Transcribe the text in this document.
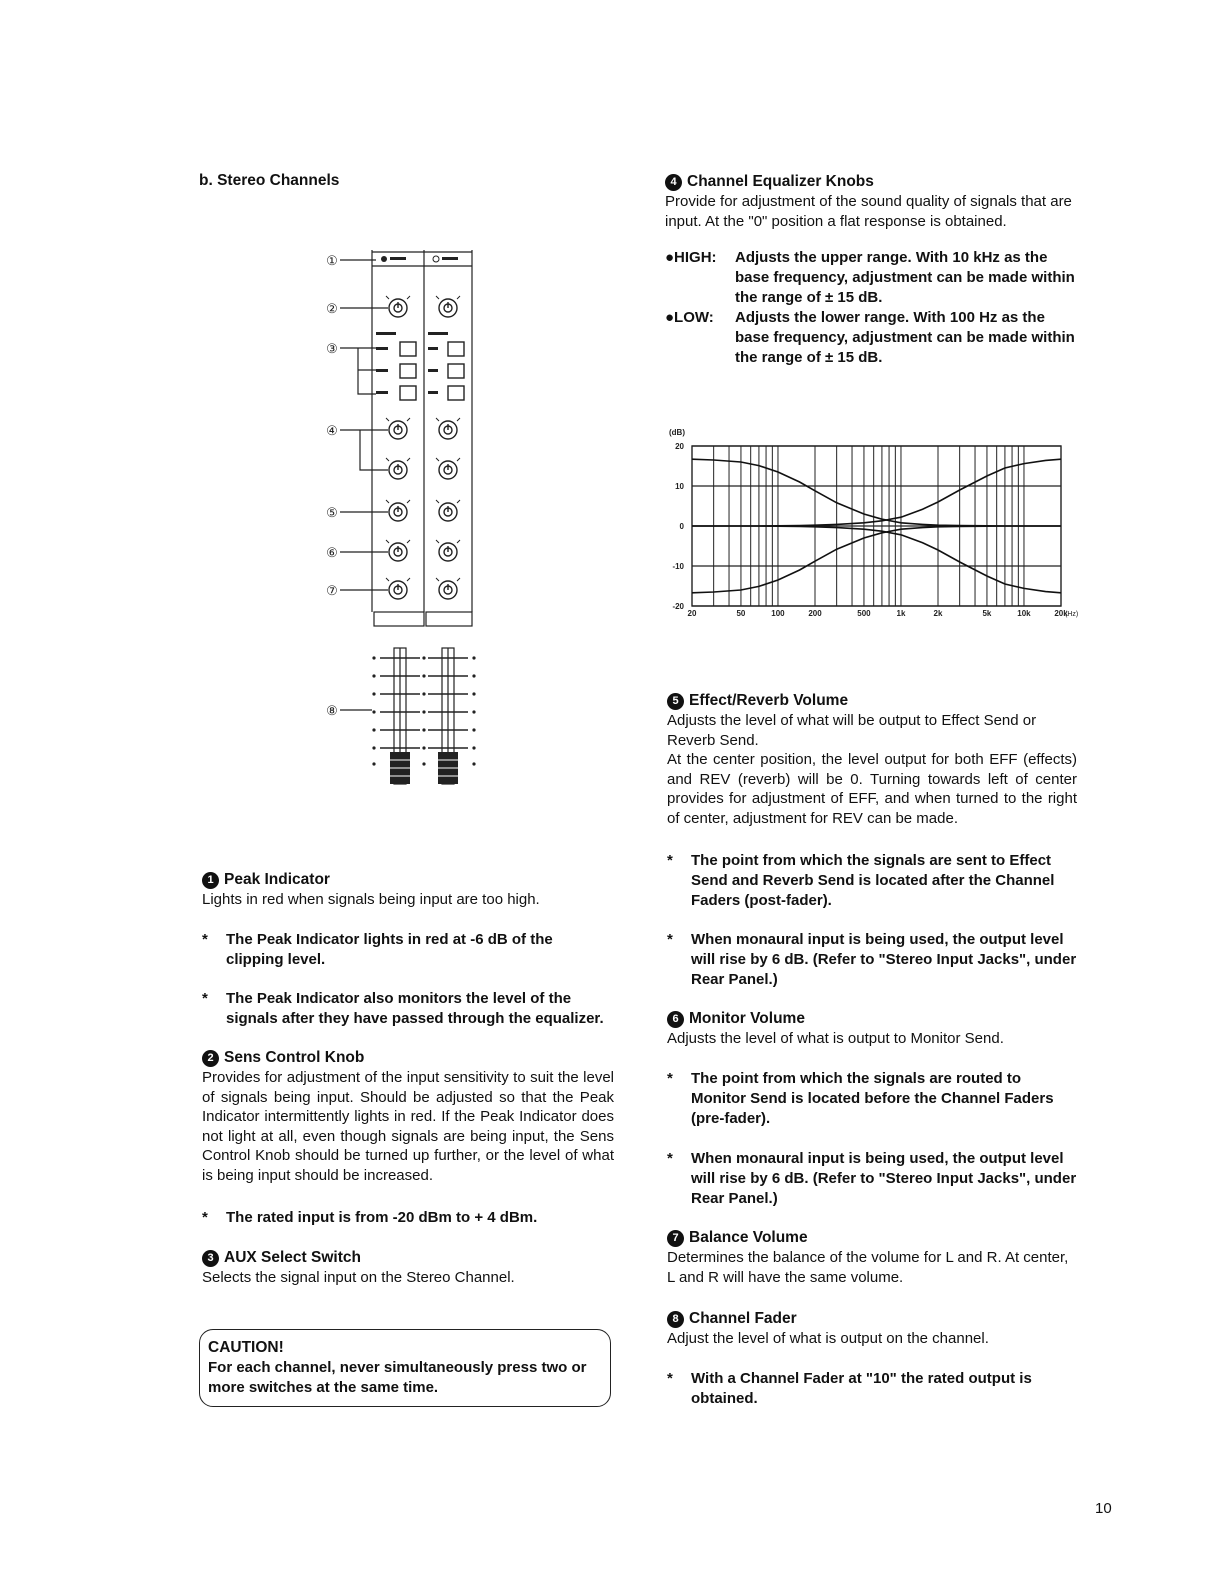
b. Stereo Channels
①
②
③
④
⑤
⑥
⑦
⑧
1 Peak Indicator
Lights in red when signals being input are too high.
*	The Peak Indicator lights in red at -6 dB of the clipping level.
*	The Peak Indicator also monitors the level of the signals after they have passed through the equalizer.
2 Sens Control Knob
Provides for adjustment of the input sensitivity to suit the level of signals being input. Should be adjusted so that the Peak Indicator intermittently lights in red. If the Peak Indicator does not light at all, even though signals are being input, the Sens Control Knob should be turned up further, or the level of what is being input should be increased.
*	The rated input is from -20 dBm to + 4 dBm.
3 AUX Select Switch
Selects the signal input on the Stereo Channel.
CAUTION!
For each channel, never simultaneously press two or more switches at the same time.
4 Channel Equalizer Knobs
Provide for adjustment of the sound quality of signals that are input. At the "0" position a flat response is obtained.
●HIGH:	Adjusts the upper range. With 10 kHz as the base frequency, adjustment can be made within the range of ± 15 dB.
●LOW:	Adjusts the lower range. With 100 Hz as the base frequency, adjustment can be made within the range of ± 15 dB.
(dB)
20
10
0
-10
-20
20	50	100	200	500	1k	2k	5k	10k	20k
(Hz)
5 Effect/Reverb Volume
Adjusts the level of what will be output to Effect Send or Reverb Send.
At the center position, the level output for both EFF (effects) and REV (reverb) will be 0. Turning towards left of center provides for adjustment of EFF, and when turned to the right of center, adjustment for REV can be made.
*	The point from which the signals are sent to Effect Send and Reverb Send is located after the Channel Faders (post-fader).
*	When monaural input is being used, the output level will rise by 6 dB. (Refer to "Stereo Input Jacks", under Rear Panel.)
6 Monitor Volume
Adjusts the level of what is output to Monitor Send.
*	The point from which the signals are routed to Monitor Send is located before the Channel Faders (pre-fader).
*	When monaural input is being used, the output level will rise by 6 dB. (Refer to "Stereo Input Jacks", under Rear Panel.)
7 Balance Volume
Determines the balance of the volume for L and R. At center, L and R will have the same volume.
8 Channel Fader
Adjust the level of what is output on the channel.
*	With a Channel Fader at "10" the rated output is obtained.
10
